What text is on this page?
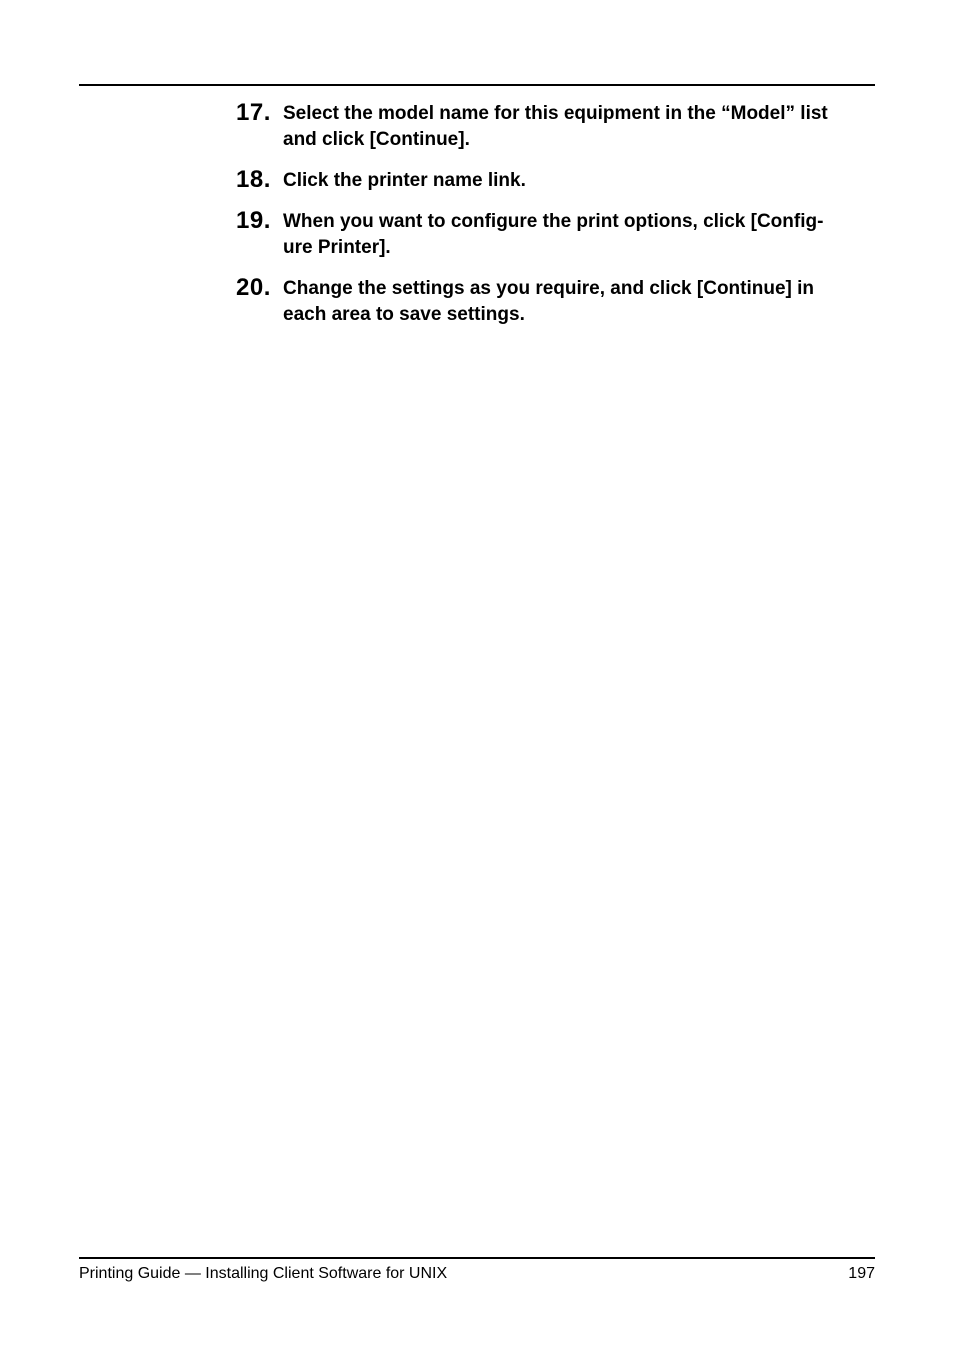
17. Select the model name for this equipment in the “Model” list
and click [Continue].

18. Click the printer name link.

19. When you want to configure the print options, click [Config-
ure Printer].

20. Change the settings as you require, and click [Continue] in
each area to save settings.

Printing Guide — Installing Client Software for UNIX	197
